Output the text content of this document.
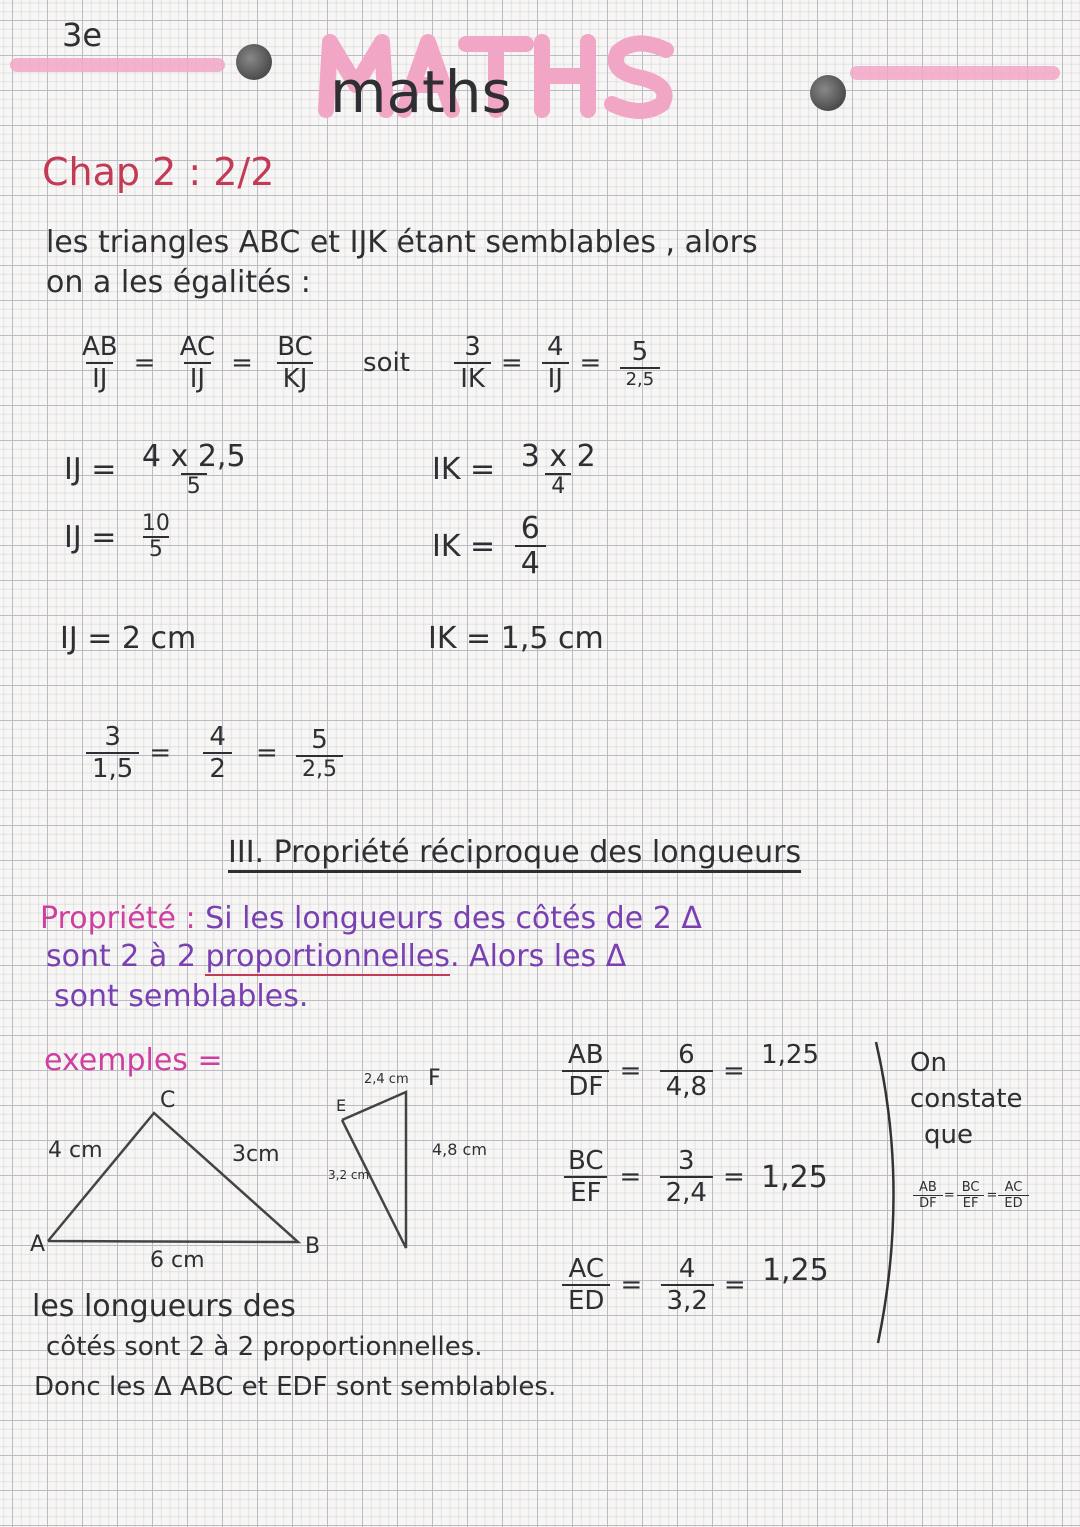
3e
maths
Chap 2 : 2/2
les triangles ABC et IJK étant semblables , alors
on a les égalités :
$\frac{AB}{IJ} = \frac{AC}{IJ} = \frac{BC}{KJ}$ soit $\frac{3}{IK} = \frac{4}{IJ} = \frac{5}{2,5}$
IJ = $\frac{4 x 2,5}{5}$
IJ = $\frac{10}{5}$
IJ = 2 cm
IK = $\frac{3 x 2}{4}$
IK = $\frac{6}{4}$
IK = 1,5 cm
$\frac{3}{1,5} = \frac{4}{2} = \frac{5}{2,5}$
III. Propriété réciproque des longueurs
Propriété : Si les longueurs des côtés de 2 Δ
sont 2 à 2 proportionnelles. Alors les Δ
sont semblables.
exemples =
A	B
C
4 cm	3cm
6 cm
E
F
2,4 cm
3,2 cm
4,8 cm
$\frac{AB}{DF} = \frac{6}{4,8} = 1,25$
$\frac{BC}{EF} = \frac{3}{2,4} = 1,25$
$\frac{AC}{ED} = \frac{4}{3,2} = 1,25$
On
constate
que
$\frac{AB}{DF} = \frac{BC}{EF} = \frac{AC}{ED}$
les longueurs des
côtés sont 2 à 2 proportionnelles.
Donc les Δ ABC et EDF sont semblables.
